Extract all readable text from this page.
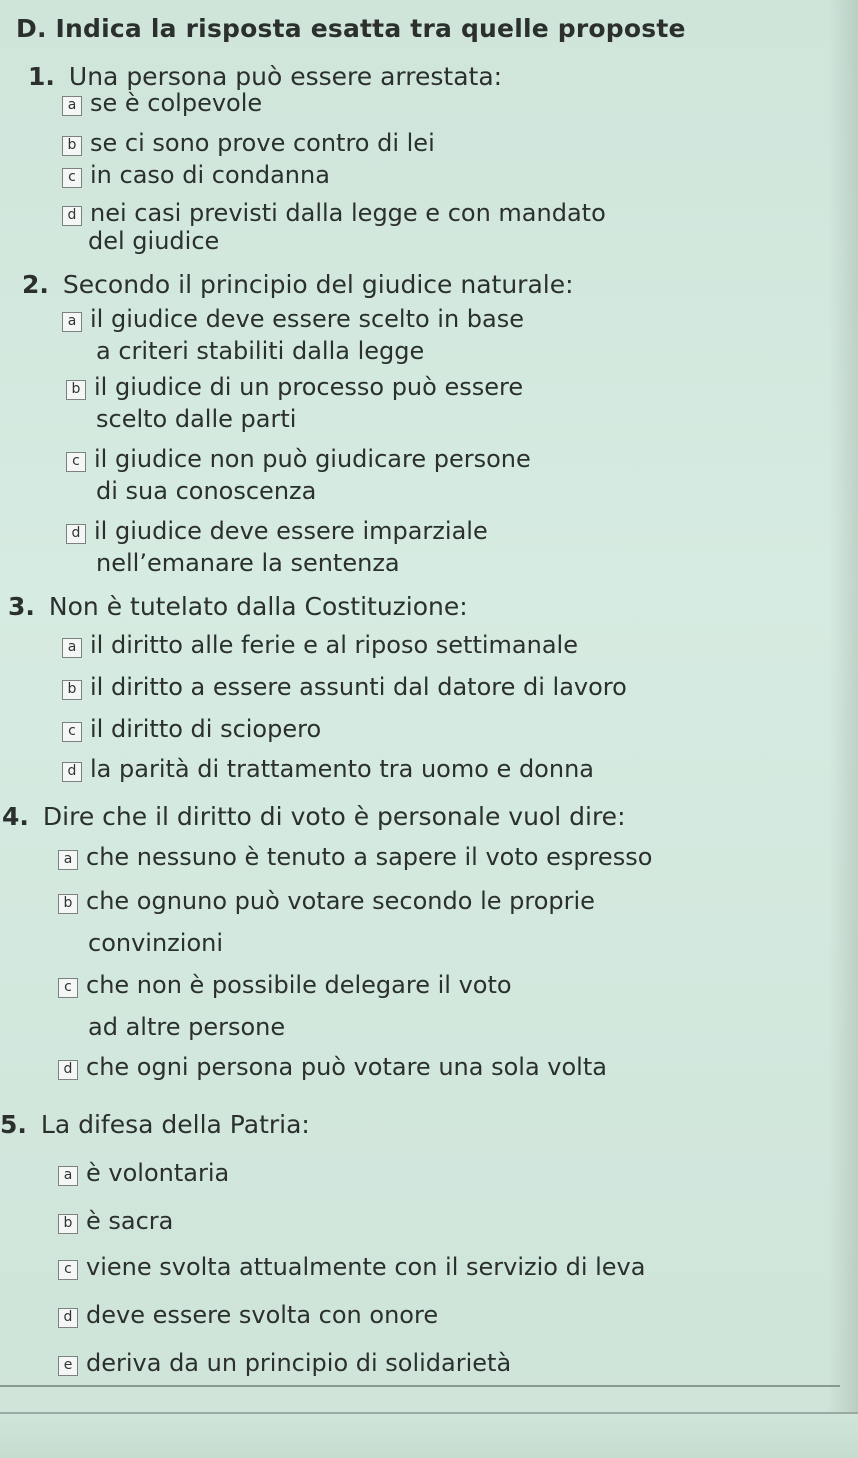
D. Indica la risposta esatta tra quelle proposte
1. Una persona può essere arrestata:
a se è colpevole
b se ci sono prove contro di lei
c in caso di condanna
d nei casi previsti dalla legge e con mandato
del giudice
2. Secondo il principio del giudice naturale:
a il giudice deve essere scelto in base
a criteri stabiliti dalla legge
b il giudice di un processo può essere
scelto dalle parti
c il giudice non può giudicare persone
di sua conoscenza
d il giudice deve essere imparziale
nell’emanare la sentenza
3. Non è tutelato dalla Costituzione:
a il diritto alle ferie e al riposo settimanale
b il diritto a essere assunti dal datore di lavoro
c il diritto di sciopero
d la parità di trattamento tra uomo e donna
4. Dire che il diritto di voto è personale vuol dire:
a che nessuno è tenuto a sapere il voto espresso
b che ognuno può votare secondo le proprie
convinzioni
c che non è possibile delegare il voto
ad altre persone
d che ogni persona può votare una sola volta
5. La difesa della Patria:
a è volontaria
b è sacra
c viene svolta attualmente con il servizio di leva
d deve essere svolta con onore
e deriva da un principio di solidarietà
